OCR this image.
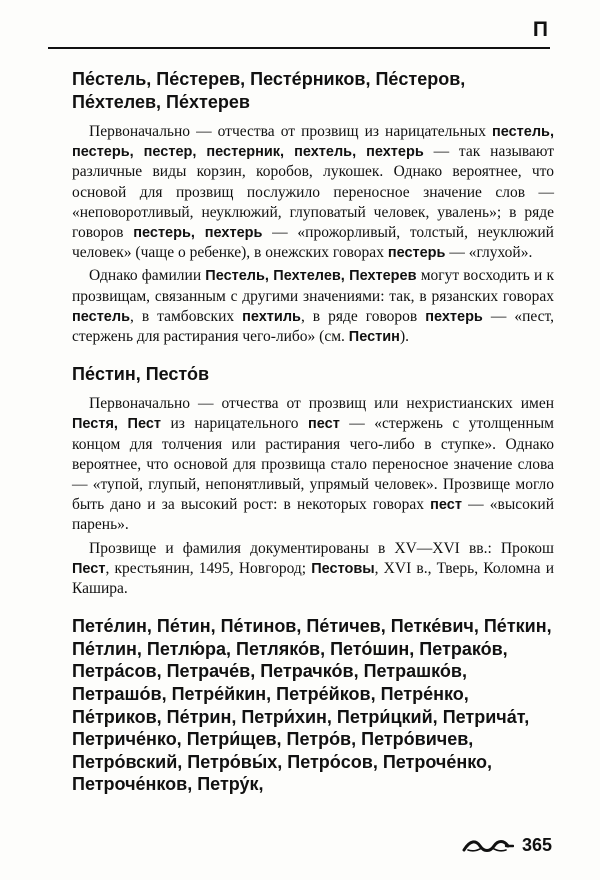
П
Пе́стель, Пе́стерев, Пестéрников, Пе́стеров, Пе́хтелев, Пе́хтерев

Первоначально — отчества от прозвищ из нарицательных пестель, пестерь, пестер, пестерник, пехтель, пехтерь — так называют различные виды корзин, коробов, лукошек. Однако вероятнее, что основой для прозвищ послужило переносное значение слов — «неповоротливый, неуклюжий, глуповатый человек, увалень»; в ряде говоров пестерь, пехтерь — «прожорливый, толстый, неуклюжий человек» (чаще о ребенке), в онежских говорах пестерь — «глухой».

Однако фамилии Пестель, Пехтелев, Пехтерев могут восходить и к прозвищам, связанным с другими значениями: так, в рязанских говорах пестель, в тамбовских пехтиль, в ряде говоров пехтерь — «пест, стержень для растирания чего-либо» (см. Пестин).

Пе́стин, Песто́в

Первоначально — отчества от прозвищ или нехристианских имен Пестя, Пест из нарицательного пест — «стержень с утолщенным концом для толчения или растирания чего-либо в ступке». Однако вероятнее, что основой для прозвища стало переносное значение слова — «тупой, глупый, непонятливый, упрямый человек». Прозвище могло быть дано и за высокий рост: в некоторых говорах пест — «высокий парень».

Прозвище и фамилия документированы в XV—XVI вв.: Прокош Пест, крестьянин, 1495, Новгород; Пестовы, XVI в., Тверь, Коломна и Кашира.

Пете́лин, Пе́тин, Пе́тинов, Пе́тичев, Петке́вич, Пе́ткин, Пе́тлин, Петлю́ра, Петляко́в, Пето́шин, Петрако́в, Петра́сов, Петраче́в, Петрачко́в, Петрашко́в, Петрашо́в, Петре́йкин, Петре́йков, Петре́нко, Пе́триков, Пе́трин, Петри́хин, Петри́цкий, Петрича́т, Петриче́нко, Петри́щев, Петро́в, Петро́вичев, Петро́вский, Петро́вы́х, Петро́сов, Петроче́нко, Петроче́нков, Петру́к,

365
